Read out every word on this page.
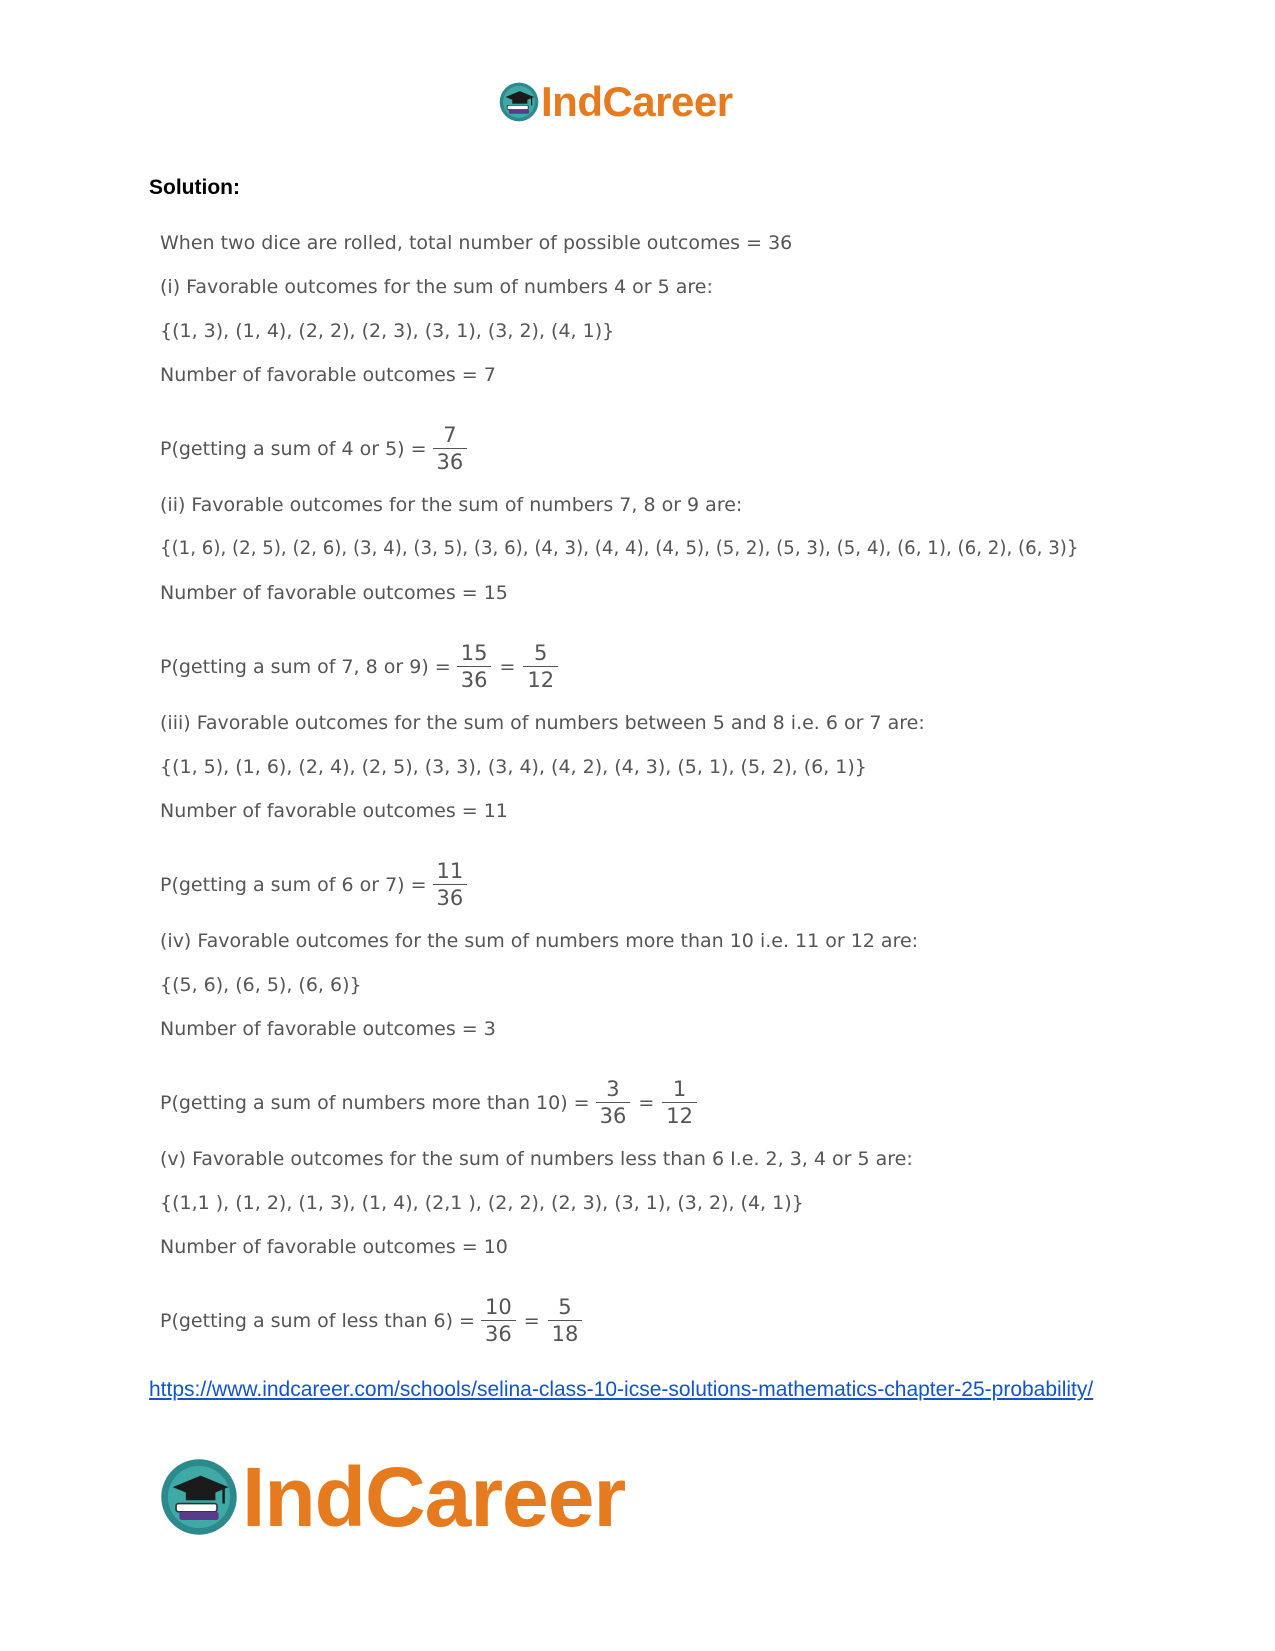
IndCareer
Solution:
When two dice are rolled, total number of possible outcomes = 36
(i) Favorable outcomes for the sum of numbers 4 or 5 are:
{(1, 3), (1, 4), (2, 2), (2, 3), (3, 1), (3, 2), (4, 1)}
Number of favorable outcomes = 7
P(getting a sum of 4 or $5) = \frac{7}{36}$
(ii) Favorable outcomes for the sum of numbers 7, 8 or 9 are:
{(1, 6), (2, 5), (2, 6), (3, 4), (3, 5), (3, 6), (4, 3), (4, 4), (4, 5), (5, 2), (5, 3), (5, 4), (6, 1), (6, 2), (6, 3)}
Number of favorable outcomes = 15
P(getting a sum of 7, 8 or $9) = \frac{15}{36} = \frac{5}{12}$
(iii) Favorable outcomes for the sum of numbers between 5 and 8 i.e. 6 or 7 are:
{(1, 5), (1, 6), (2, 4), (2, 5), (3, 3), (3, 4), (4, 2), (4, 3), (5, 1), (5, 2), (6, 1)}
Number of favorable outcomes = 11
P(getting a sum of 6 or $7) = \frac{11}{36}$
(iv) Favorable outcomes for the sum of numbers more than 10 i.e. 11 or 12 are:
{(5, 6), (6, 5), (6, 6)}
Number of favorable outcomes = 3
P(getting a sum of numbers more than $10) = \frac{3}{36} = \frac{1}{12}$
(v) Favorable outcomes for the sum of numbers less than 6 I.e. 2, 3, 4 or 5 are:
{(1,1 ), (1, 2), (1, 3), (1, 4), (2,1 ), (2, 2), (2, 3), (3, 1), (3, 2), (4, 1)}
Number of favorable outcomes = 10
P(getting a sum of less than $6) = \frac{10}{36} = \frac{5}{18}$
https://www.indcareer.com/schools/selina-class-10-icse-solutions-mathematics-chapter-25-probability/
IndCareer
